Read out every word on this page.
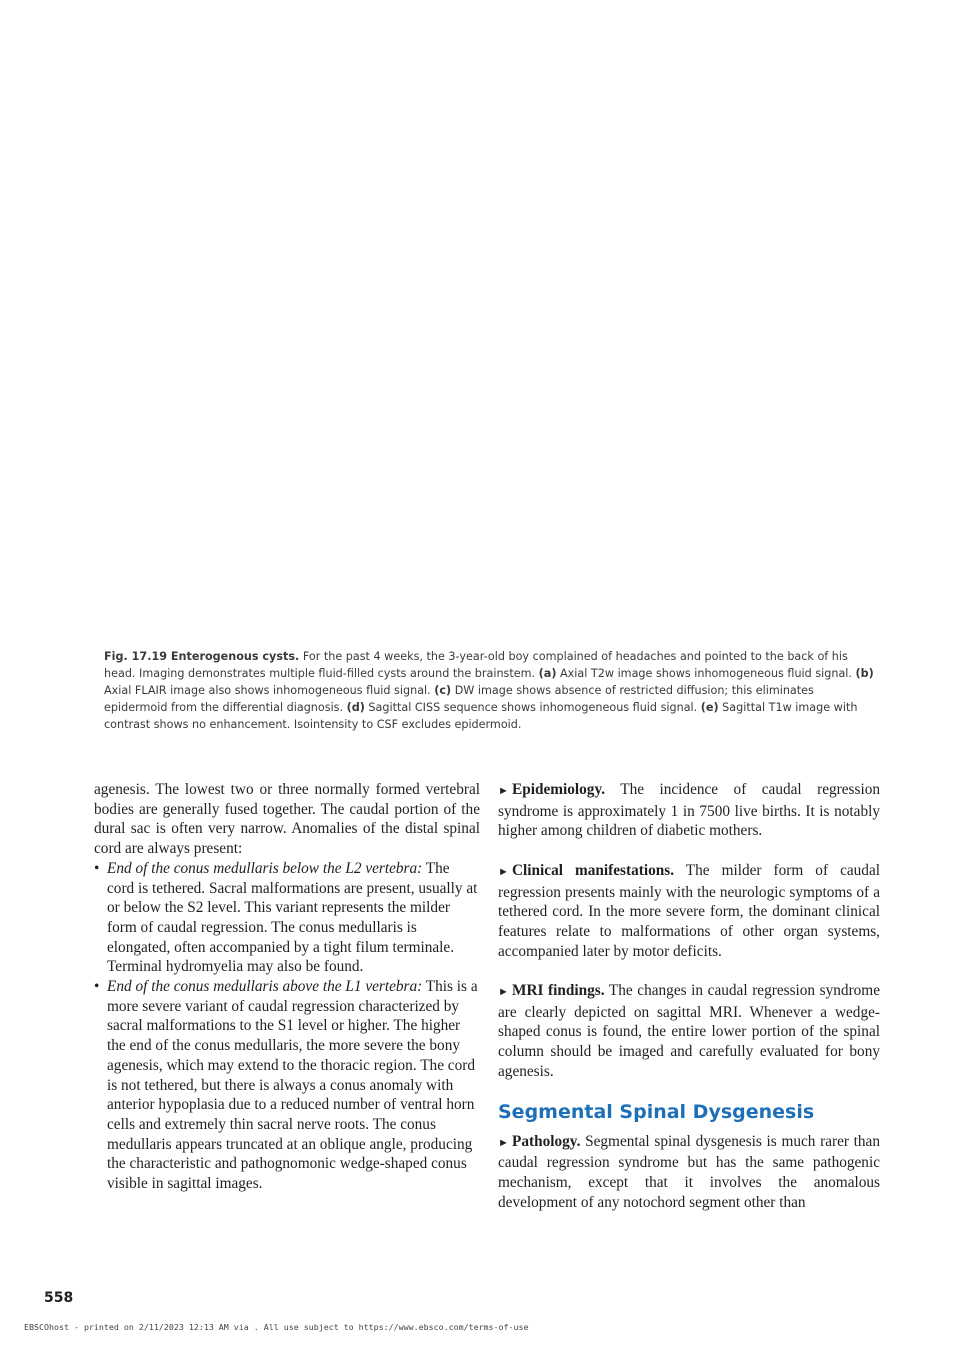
Fig. 17.19 Enterogenous cysts. For the past 4 weeks, the 3-year-old boy complained of headaches and pointed to the back of his head. Imaging demonstrates multiple fluid-filled cysts around the brainstem. (a) Axial T2w image shows inhomogeneous fluid signal. (b) Axial FLAIR image also shows inhomogeneous fluid signal. (c) DW image shows absence of restricted diffusion; this eliminates epidermoid from the differential diagnosis. (d) Sagittal CISS sequence shows inhomogeneous fluid signal. (e) Sagittal T1w image with contrast shows no enhancement. Isointensity to CSF excludes epidermoid.

agenesis. The lowest two or three normally formed vertebral bodies are generally fused together. The caudal portion of the dural sac is often very narrow. Anomalies of the distal spinal cord are always present:

• End of the conus medullaris below the L2 vertebra: The cord is tethered. Sacral malformations are present, usually at or below the S2 level. This variant represents the milder form of caudal regression. The conus medullaris is elongated, often accompanied by a tight filum terminale. Terminal hydromyelia may also be found.
• End of the conus medullaris above the L1 vertebra: This is a more severe variant of caudal regression characterized by sacral malformations to the S1 level or higher. The higher the end of the conus medullaris, the more severe the bony agenesis, which may extend to the thoracic region. The cord is not tethered, but there is always a conus anomaly with anterior hypoplasia due to a reduced number of ventral horn cells and extremely thin sacral nerve roots. The conus medullaris appears truncated at an oblique angle, producing the characteristic and pathognomonic wedge-shaped conus visible in sagittal images.

► Epidemiology. The incidence of caudal regression syndrome is approximately 1 in 7500 live births. It is notably higher among children of diabetic mothers.

► Clinical manifestations. The milder form of caudal regression presents mainly with the neurologic symptoms of a tethered cord. In the more severe form, the dominant clinical features relate to malformations of other organ systems, accompanied later by motor deficits.

► MRI findings. The changes in caudal regression syndrome are clearly depicted on sagittal MRI. Whenever a wedge-shaped conus is found, the entire lower portion of the spinal column should be imaged and carefully evaluated for bony agenesis.

Segmental Spinal Dysgenesis

► Pathology. Segmental spinal dysgenesis is much rarer than caudal regression syndrome but has the same pathogenic mechanism, except that it involves the anomalous development of any notochord segment other than

558
EBSCOhost - printed on 2/11/2023 12:13 AM via . All use subject to https://www.ebsco.com/terms-of-use
